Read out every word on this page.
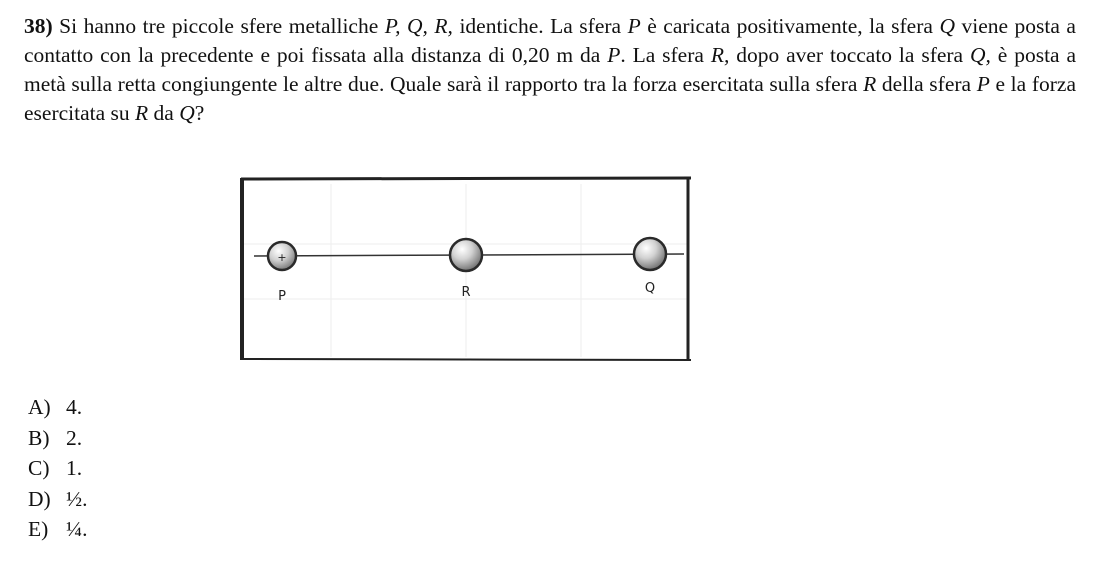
38) Si hanno tre piccole sfere metalliche P, Q, R, identiche. La sfera P è caricata positivamente, la sfera Q viene posta a contatto con la precedente e poi fissata alla distanza di 0,20 m da P. La sfera R, dopo aver toccato la sfera Q, è posta a metà sulla retta congiungente le altre due. Quale sarà il rapporto tra la forza esercitata sulla sfera R della sfera P e la forza esercitata su R da Q?
+
P	R	Q
A) 4.
B) 2.
C) 1.
D) ½.
E) ¼.
